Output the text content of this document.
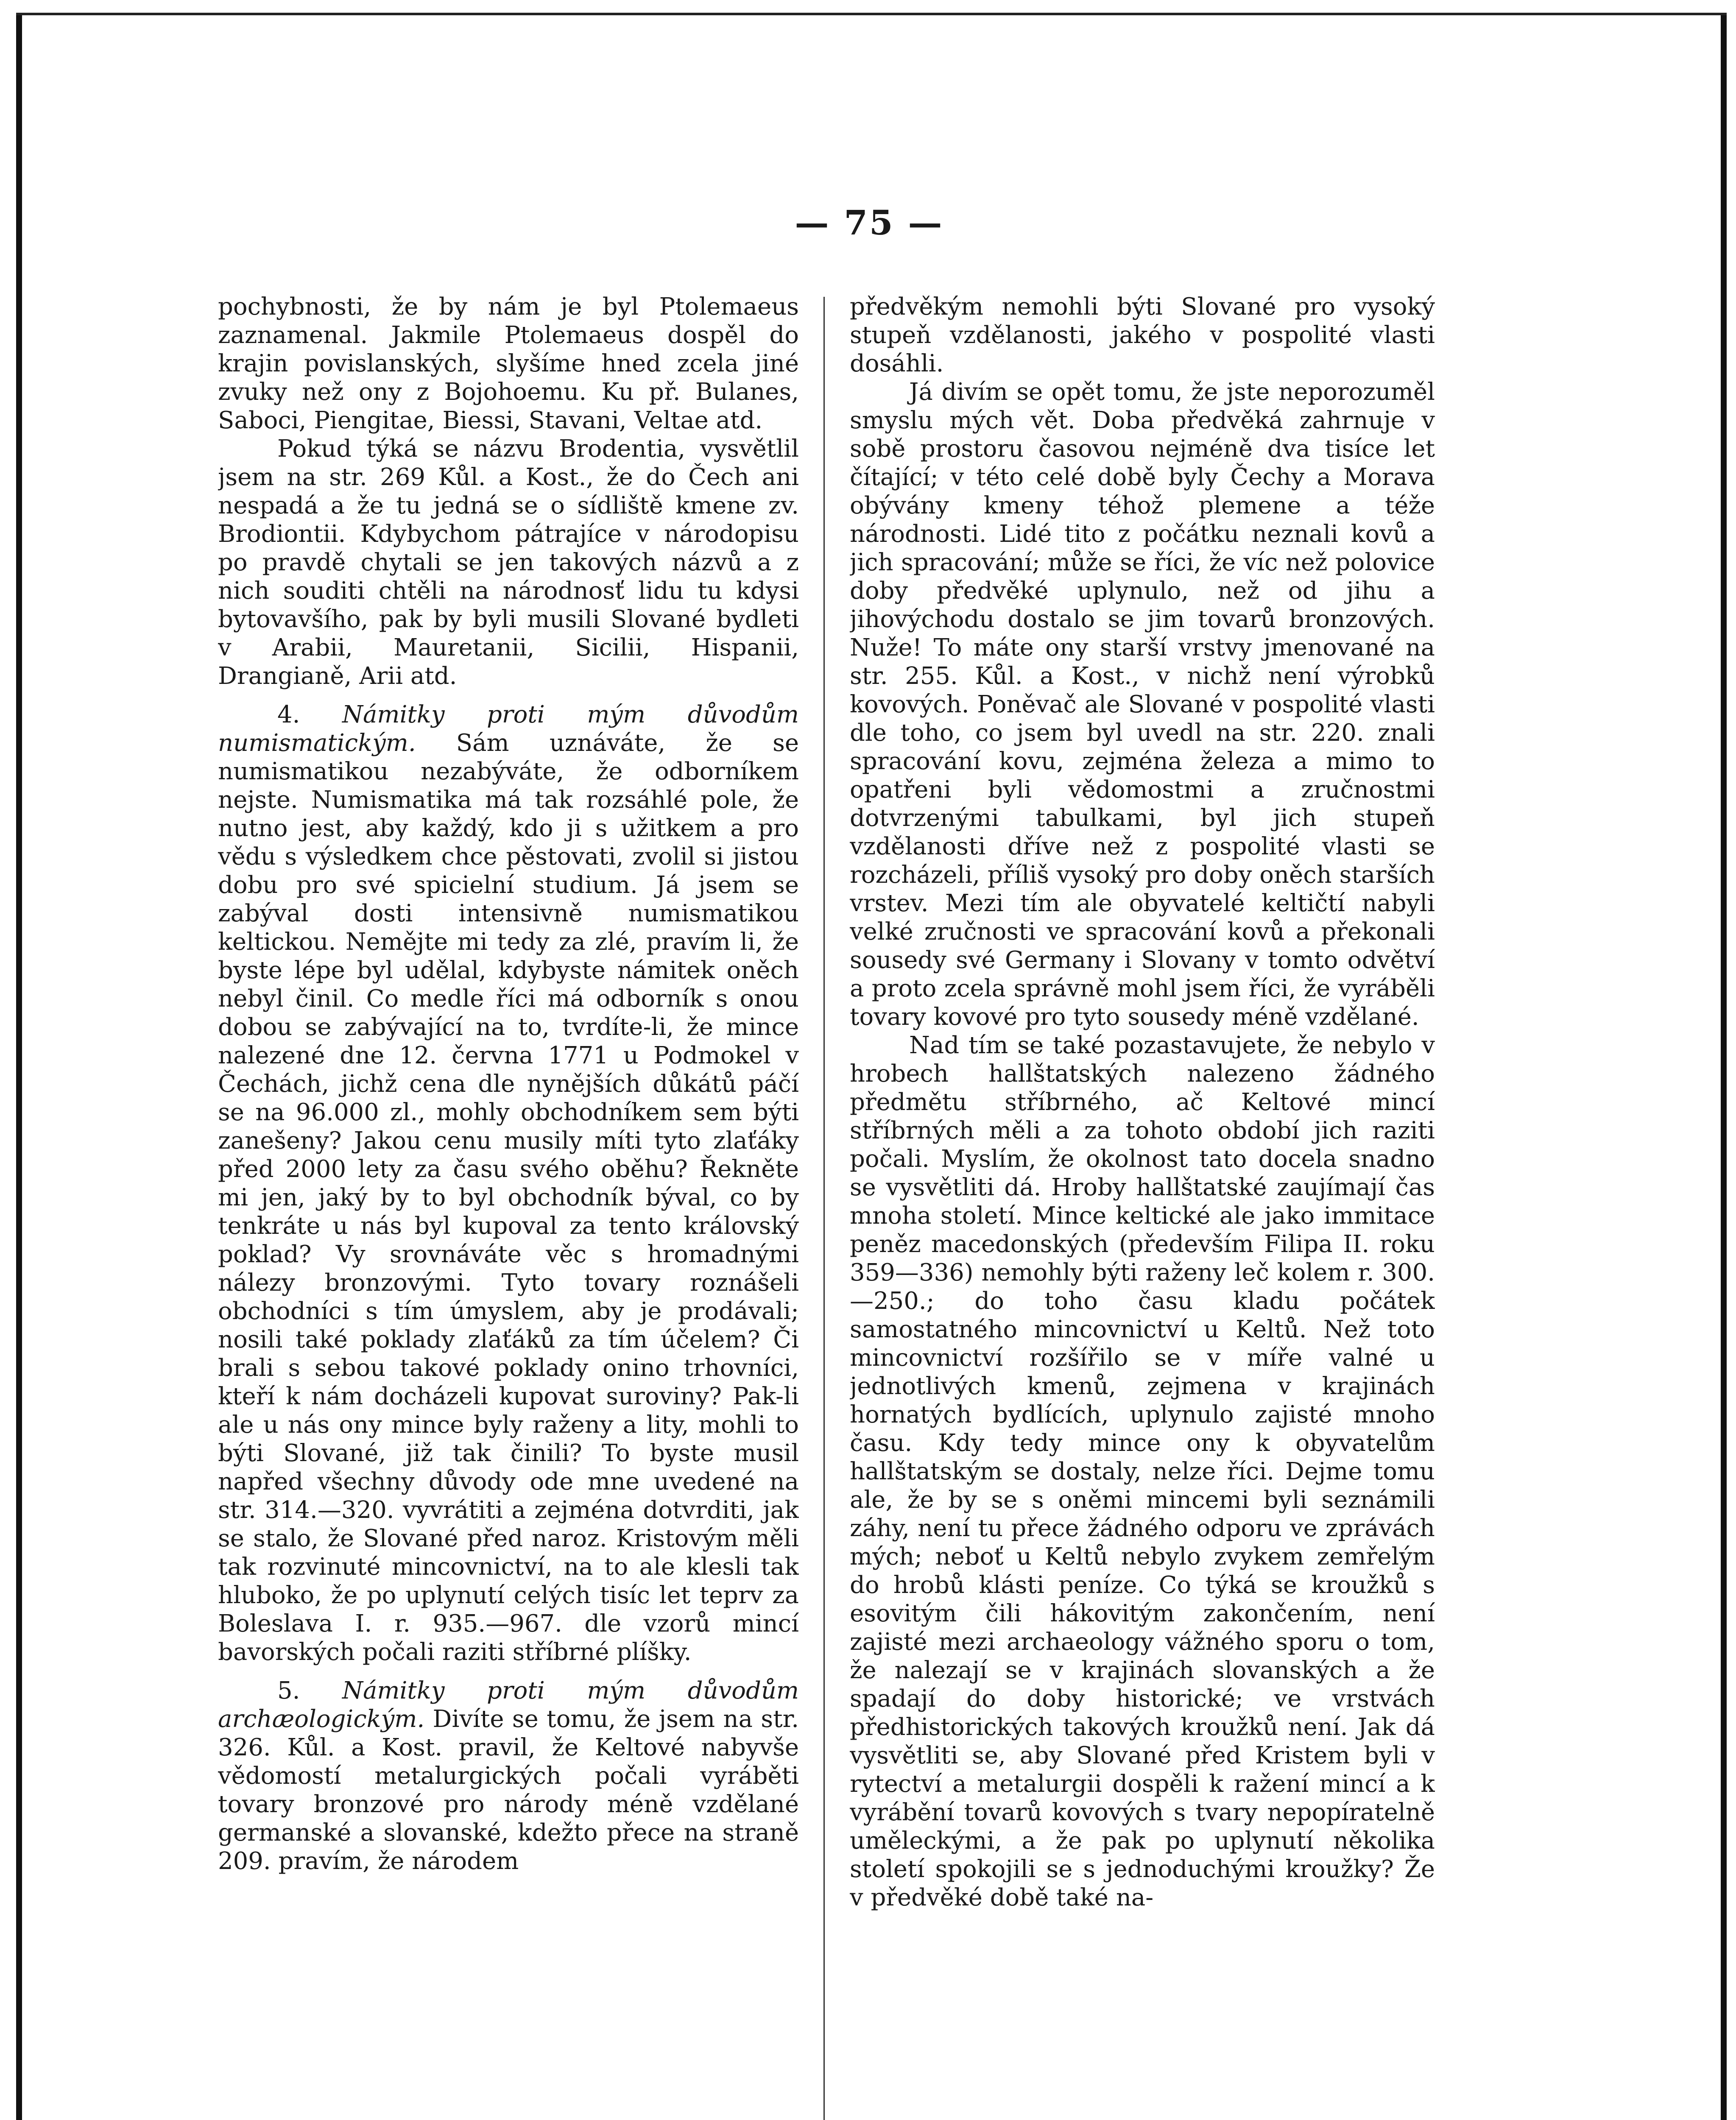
— 75 —

pochybnosti, že by nám je byl Ptolemaeus zaznamenal. Jakmile Ptolemaeus dospěl do krajin povislanských, slyšíme hned zcela jiné zvuky než ony z Bojohoemu. Ku př. Bulanes, Saboci, Piengitae, Biessi, Stavani, Veltae atd.

Pokud týká se názvu Brodentia, vysvětlil jsem na str. 269 Kůl. a Kost., že do Čech ani nespadá a že tu jedná se o sídliště kmene zv. Brodiontii. Kdybychom pátrajíce v národopisu po pravdě chytali se jen takových názvů a z nich souditi chtěli na národnosť lidu tu kdysi bytovavšího, pak by byli musili Slované bydleti v Arabii, Mauretanii, Sicilii, Hispanii, Drangianě, Arii atd.

4. Námitky proti mým důvodům numismatickým. Sám uznáváte, že se numismatikou nezabýváte, že odborníkem nejste. Numismatika má tak rozsáhlé pole, že nutno jest, aby každý, kdo ji s užitkem a pro vědu s výsledkem chce pěstovati, zvolil si jistou dobu pro své spicielní studium. Já jsem se zabýval dosti intensivně numismatikou keltickou. Nemějte mi tedy za zlé, pravím li, že byste lépe byl udělal, kdybyste námitek oněch nebyl činil. Co medle říci má odborník s onou dobou se zabývající na to, tvrdíte-li, že mince nalezené dne 12. června 1771 u Podmokel v Čechách, jichž cena dle nynějších důkátů páčí se na 96.000 zl., mohly obchodníkem sem býti zanešeny? Jakou cenu musily míti tyto zlaťáky před 2000 lety za času svého oběhu? Řekněte mi jen, jaký by to byl obchodník býval, co by tenkráte u nás byl kupoval za tento královský poklad? Vy srovnáváte věc s hromadnými nálezy bronzovými. Tyto tovary roznášeli obchodníci s tím úmyslem, aby je prodávali; nosili také poklady zlaťáků za tím účelem? Či brali s sebou takové poklady onino trhovníci, kteří k nám docházeli kupovat suroviny? Pak-li ale u nás ony mince byly raženy a lity, mohli to býti Slované, již tak činili? To byste musil napřed všechny důvody ode mne uvedené na str. 314.—320. vyvrátiti a zejména dotvrditi, jak se stalo, že Slované před naroz. Kristovým měli tak rozvinuté mincovnictví, na to ale klesli tak hluboko, že po uplynutí celých tisíc let teprv za Boleslava I. r. 935.—967. dle vzorů mincí bavorských počali raziti stříbrné plíšky.

5. Námitky proti mým důvodům archæologickým. Divíte se tomu, že jsem na str. 326. Kůl. a Kost. pravil, že Keltové nabyvše vědomostí metalurgických počali vyráběti tovary bronzové pro národy méně vzdělané germanské a slovanské, kdežto přece na straně 209. pravím, že národem

předvěkým nemohli býti Slované pro vysoký stupeň vzdělanosti, jakého v pospolité vlasti dosáhli.

Já divím se opět tomu, že jste neporozuměl smyslu mých vět. Doba předvěká zahrnuje v sobě prostoru časovou nejméně dva tisíce let čítající; v této celé době byly Čechy a Morava obývány kmeny téhož plemene a téže národnosti. Lidé tito z počátku neznali kovů a jich spracování; může se říci, že víc než polovice doby předvěké uplynulo, než od jihu a jihovýchodu dostalo se jim tovarů bronzových. Nuže! To máte ony starší vrstvy jmenované na str. 255. Kůl. a Kost., v nichž není výrobků kovových. Poněvač ale Slované v pospolité vlasti dle toho, co jsem byl uvedl na str. 220. znali spracování kovu, zejména železa a mimo to opatřeni byli vědomostmi a zručnostmi dotvrzenými tabulkami, byl jich stupeň vzdělanosti dříve než z pospolité vlasti se rozcházeli, příliš vysoký pro doby oněch starších vrstev. Mezi tím ale obyvatelé keltičtí nabyli velké zručnosti ve spracování kovů a překonali sousedy své Germany i Slovany v tomto odvětví a proto zcela správně mohl jsem říci, že vyráběli tovary kovové pro tyto sousedy méně vzdělané.

Nad tím se také pozastavujete, že nebylo v hrobech hallštatských nalezeno žádného předmětu stříbrného, ač Keltové mincí stříbrných měli a za tohoto období jich raziti počali. Myslím, že okolnost tato docela snadno se vysvětliti dá. Hroby hallštatské zaujímají čas mnoha století. Mince keltické ale jako immitace peněz macedonských (především Filipa II. roku 359—336) nemohly býti raženy leč kolem r. 300.—250.; do toho času kladu počátek samostatného mincovnictví u Keltů. Než toto mincovnictví rozšířilo se v míře valné u jednotlivých kmenů, zejmena v krajinách hornatých bydlících, uplynulo zajisté mnoho času. Kdy tedy mince ony k obyvatelům hallštatským se dostaly, nelze říci. Dejme tomu ale, že by se s oněmi mincemi byli seznámili záhy, není tu přece žádného odporu ve zprávách mých; neboť u Keltů nebylo zvykem zemřelým do hrobů klásti peníze. Co týká se kroužků s esovitým čili hákovitým zakončením, není zajisté mezi archaeology vážného sporu o tom, že nalezají se v krajinách slovanských a že spadají do doby historické; ve vrstvách předhistorických takových kroužků není. Jak dá vysvětliti se, aby Slované před Kristem byli v rytectví a metalurgii dospěli k ražení mincí a k vyrábění tovarů kovových s tvary nepopíratelně uměleckými, a že pak po uplynutí několika století spokojili se s jednoduchými kroužky? Že v předvěké době také na-
